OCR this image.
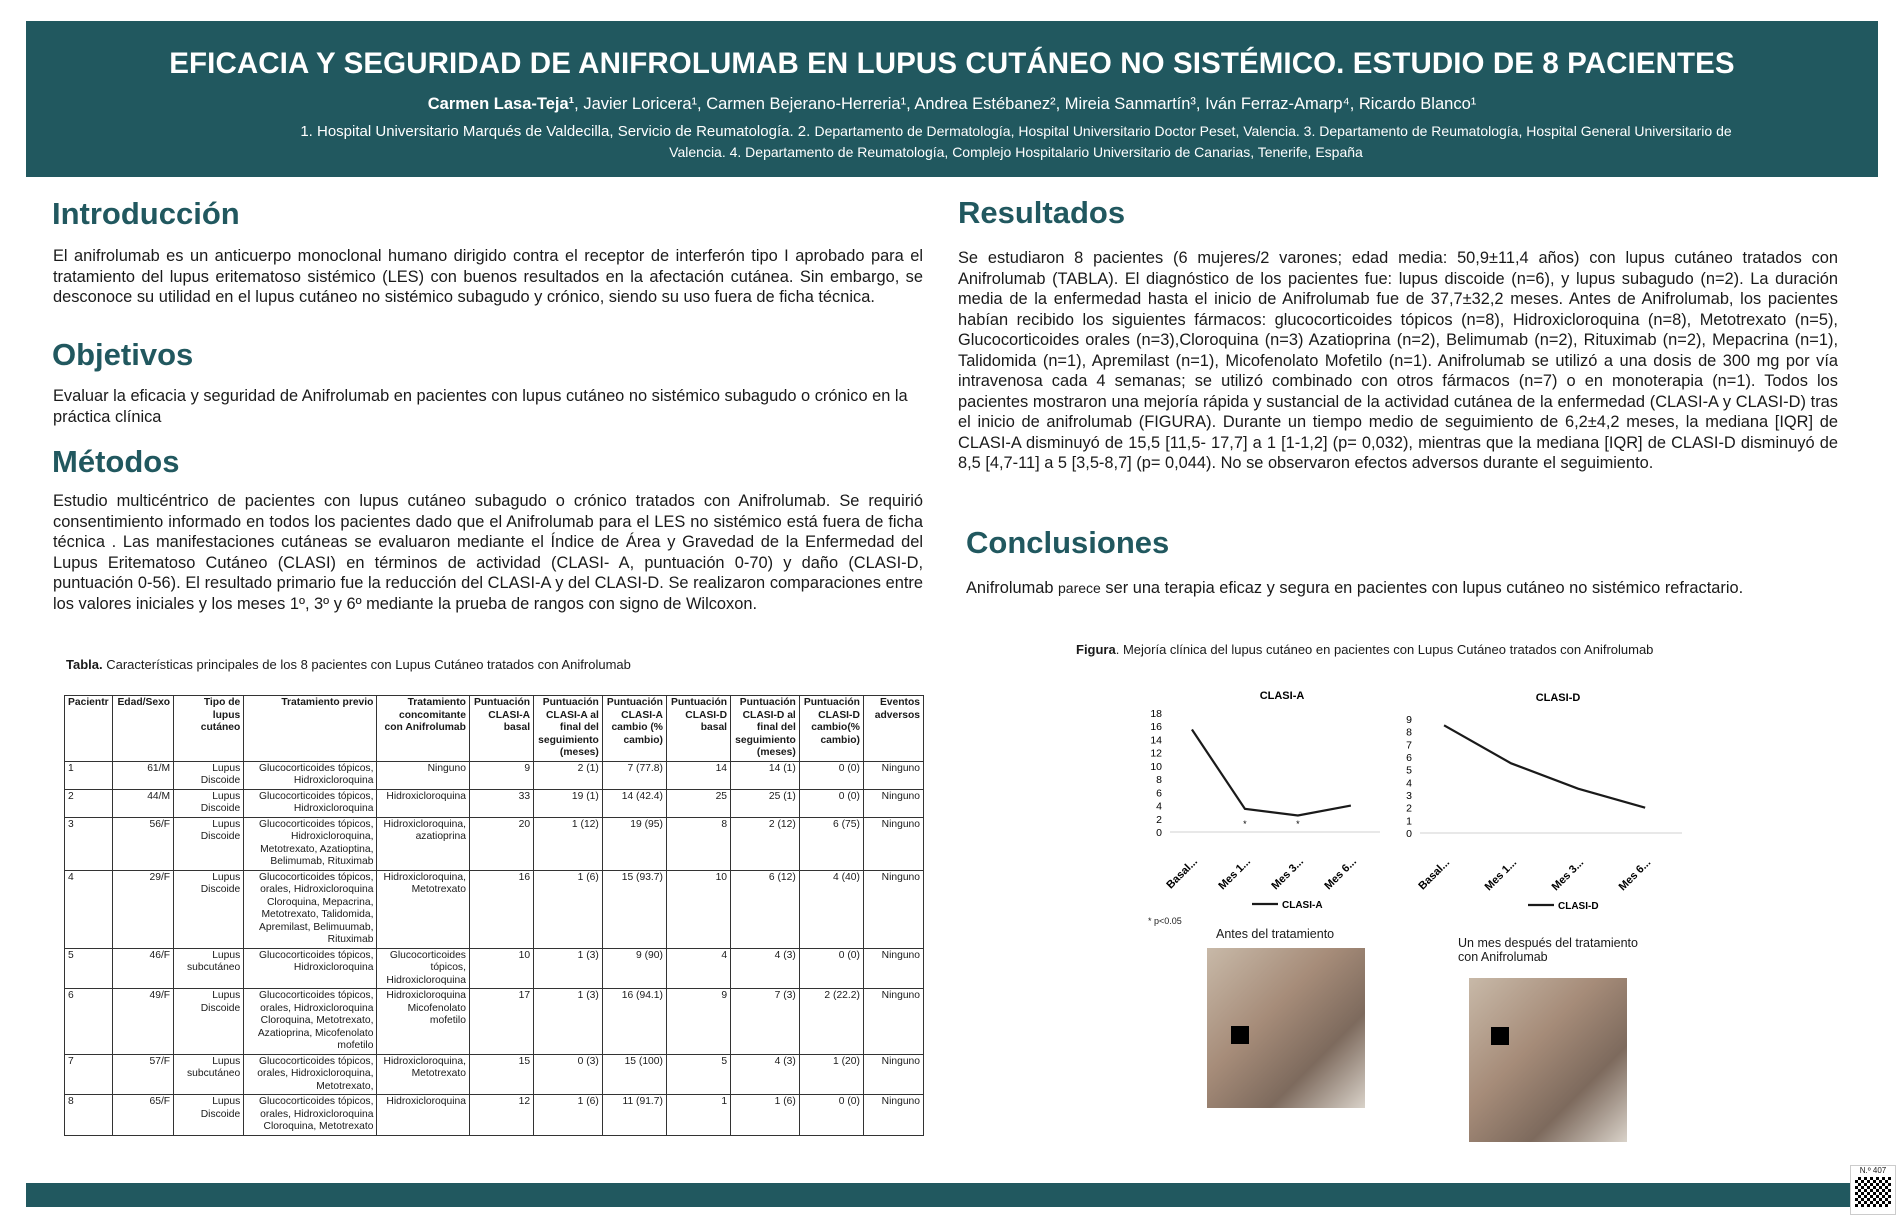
EFICACIA Y SEGURIDAD DE ANIFROLUMAB EN LUPUS CUTÁNEO NO SISTÉMICO. ESTUDIO DE 8 PACIENTES
Carmen Lasa-Teja¹, Javier Loricera¹, Carmen Bejerano-Herreria¹, Andrea Estébanez², Mireia Sanmartín³, Iván Ferraz-Amarp⁴, Ricardo Blanco¹
1. Hospital Universitario Marqués de Valdecilla, Servicio de Reumatología. 2. Departamento de Dermatología, Hospital Universitario Doctor Peset, Valencia. 3. Departamento de Reumatología, Hospital General Universitario de
Valencia. 4. Departamento de Reumatología, Complejo Hospitalario Universitario de Canarias, Tenerife, España
Introducción

El anifrolumab es un anticuerpo monoclonal humano dirigido contra el receptor de interferón tipo I aprobado para el tratamiento del lupus eritematoso sistémico (LES) con buenos resultados en la afectación cutánea. Sin embargo, se desconoce su utilidad en el lupus cutáneo no sistémico subagudo y crónico, siendo su uso fuera de ficha técnica.

Objetivos

Evaluar la eficacia y seguridad de Anifrolumab en pacientes con lupus cutáneo no sistémico subagudo o crónico en la práctica clínica

Métodos

Estudio multicéntrico de pacientes con lupus cutáneo subagudo o crónico tratados con Anifrolumab. Se requirió consentimiento informado en todos los pacientes dado que el Anifrolumab para el LES no sistémico está fuera de ficha técnica . Las manifestaciones cutáneas se evaluaron mediante el Índice de Área y Gravedad de la Enfermedad del Lupus Eritematoso Cutáneo (CLASI) en términos de actividad (CLASI- A, puntuación 0-70) y daño (CLASI-D, puntuación 0-56). El resultado primario fue la reducción del CLASI-A y del CLASI-D. Se realizaron comparaciones entre los valores iniciales y los meses 1º, 3º y 6º mediante la prueba de rangos con signo de Wilcoxon.

Tabla. Características principales de los 8 pacientes con Lupus Cutáneo tratados con Anifrolumab
Pacientr	Edad/Sexo	Tipo de lupus cutáneo	Tratamiento previo	Tratamiento concomitante con Anifrolumab	Puntuación CLASI-A basal	Puntuación CLASI-A al final del seguimiento (meses)	Puntuación CLASI-A cambio (% cambio)	Puntuación CLASI-D basal	Puntuación CLASI-D al final del seguimiento (meses)	Puntuación CLASI-D cambio(% cambio)	Eventos adversos
1	61/M	Lupus Discoide	Glucocorticoides tópicos, Hidroxicloroquina	Ninguno	9	2 (1)	7 (77.8)	14	14 (1)	0 (0)	Ninguno
2	44/M	Lupus Discoide	Glucocorticoides tópicos, Hidroxicloroquina	Hidroxicloroquina	33	19 (1)	14 (42.4)	25	25 (1)	0 (0)	Ninguno
3	56/F	Lupus Discoide	Glucocorticoides tópicos, Hidroxicloroquina, Metotrexato, Azatioptina, Belimumab, Rituximab	Hidroxicloroquina, azatioprina	20	1 (12)	19 (95)	8	2 (12)	6 (75)	Ninguno
4	29/F	Lupus Discoide	Glucocorticoides tópicos, orales, Hidroxicloroquina Cloroquina, Mepacrina, Metotrexato, Talidomida, Apremilast, Belimuumab, Rituximab	Hidroxicloroquina, Metotrexato	16	1 (6)	15 (93.7)	10	6 (12)	4 (40)	Ninguno
5	46/F	Lupus subcutáneo	Glucocorticoides tópicos, Hidroxicloroquina	Glucocorticoides tópicos, Hidroxicloroquina	10	1 (3)	9 (90)	4	4 (3)	0 (0)	Ninguno
6	49/F	Lupus Discoide	Glucocorticoides tópicos, orales, Hidroxicloroquina Cloroquina, Metotrexato, Azatioprina, Micofenolato mofetilo	Hidroxicloroquina Micofenolato mofetilo	17	1 (3)	16 (94.1)	9	7 (3)	2 (22.2)	Ninguno
7	57/F	Lupus subcutáneo	Glucocorticoides tópicos, orales, Hidroxicloroquina, Metotrexato,	Hidroxicloroquina, Metotrexato	15	0 (3)	15 (100)	5	4 (3)	1 (20)	Ninguno
8	65/F	Lupus Discoide	Glucocorticoides tópicos, orales, Hidroxicloroquina Cloroquina, Metotrexato	Hidroxicloroquina	12	1 (6)	11 (91.7)	1	1 (6)	0 (0)	Ninguno
Resultados

Se estudiaron 8 pacientes (6 mujeres/2 varones; edad media: 50,9±11,4 años) con lupus cutáneo tratados con Anifrolumab (TABLA). El diagnóstico de los pacientes fue: lupus discoide (n=6), y lupus subagudo (n=2). La duración media de la enfermedad hasta el inicio de Anifrolumab fue de 37,7±32,2 meses. Antes de Anifrolumab, los pacientes habían recibido los siguientes fármacos: glucocorticoides tópicos (n=8), Hidroxicloroquina (n=8), Metotrexato (n=5), Glucocorticoides orales (n=3),Cloroquina (n=3) Azatioprina (n=2), Belimumab (n=2), Rituximab (n=2), Mepacrina (n=1), Talidomida (n=1), Apremilast (n=1), Micofenolato Mofetilo (n=1). Anifrolumab se utilizó a una dosis de 300 mg por vía intravenosa cada 4 semanas; se utilizó combinado con otros fármacos (n=7) o en monoterapia (n=1). Todos los pacientes mostraron una mejoría rápida y sustancial de la actividad cutánea de la enfermedad (CLASI-A y CLASI-D) tras el inicio de anifrolumab (FIGURA). Durante un tiempo medio de seguimiento de 6,2±4,2 meses, la mediana [IQR] de CLASI-A disminuyó de 15,5 [11,5- 17,7] a 1 [1-1,2] (p= 0,032), mientras que la mediana [IQR] de CLASI-D disminuyó de 8,5 [4,7-11] a 5 [3,5-8,7] (p= 0,044). No se observaron efectos adversos durante el seguimiento.

Conclusiones

Anifrolumab parece ser una terapia eficaz y segura en pacientes con lupus cutáneo no sistémico refractario.

Figura. Mejoría clínica del lupus cutáneo en pacientes con Lupus Cutáneo tratados con Anifrolumab
CLASI-A
0
2
4
6
8
10
12
14
16
18
*	*
Basal... Mes 1... Mes 3... Mes 6...
CLASI-A
CLASI-D
0
1
2
3
4
5
6
7
8
9
Basal...	Mes 1...	Mes 3...	Mes 6...
CLASI-D
* p<0.05
Antes del tratamiento
Un mes después del tratamiento con Anifrolumab
N.º 407
